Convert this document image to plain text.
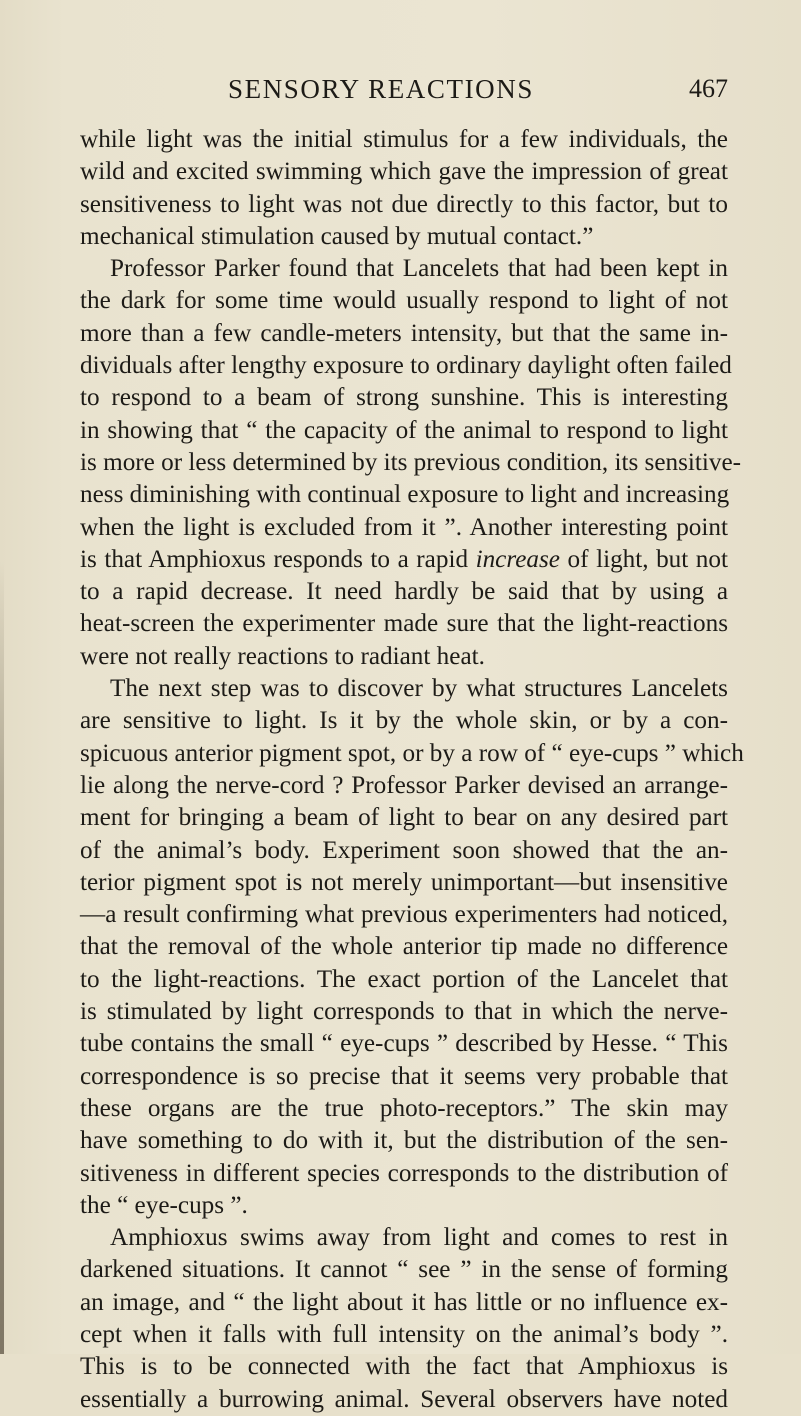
SENSORY REACTIONS	467
while light was the initial stimulus for a few individuals, the
wild and excited swimming which gave the impression of great
sensitiveness to light was not due directly to this factor, but to
mechanical stimulation caused by mutual contact.”
Professor Parker found that Lancelets that had been kept in
the dark for some time would usually respond to light of not
more than a few candle-meters intensity, but that the same in-
dividuals after lengthy exposure to ordinary daylight often failed
to respond to a beam of strong sunshine. This is interesting
in showing that “ the capacity of the animal to respond to light
is more or less determined by its previous condition, its sensitive-
ness diminishing with continual exposure to light and increasing
when the light is excluded from it ”. Another interesting point
is that Amphioxus responds to a rapid increase of light, but not
to a rapid decrease. It need hardly be said that by using a
heat-screen the experimenter made sure that the light-reactions
were not really reactions to radiant heat.
The next step was to discover by what structures Lancelets
are sensitive to light. Is it by the whole skin, or by a con-
spicuous anterior pigment spot, or by a row of “ eye-cups ” which
lie along the nerve-cord ? Professor Parker devised an arrange-
ment for bringing a beam of light to bear on any desired part
of the animal’s body. Experiment soon showed that the an-
terior pigment spot is not merely unimportant—but insensitive
—a result confirming what previous experimenters had noticed,
that the removal of the whole anterior tip made no difference
to the light-reactions. The exact portion of the Lancelet that
is stimulated by light corresponds to that in which the nerve-
tube contains the small “ eye-cups ” described by Hesse. “ This
correspondence is so precise that it seems very probable that
these organs are the true photo-receptors.” The skin may
have something to do with it, but the distribution of the sen-
sitiveness in different species corresponds to the distribution of
the “ eye-cups ”.
Amphioxus swims away from light and comes to rest in
darkened situations. It cannot “ see ” in the sense of forming
an image, and “ the light about it has little or no influence ex-
cept when it falls with full intensity on the animal’s body ”.
This is to be connected with the fact that Amphioxus is
essentially a burrowing animal. Several observers have noted
